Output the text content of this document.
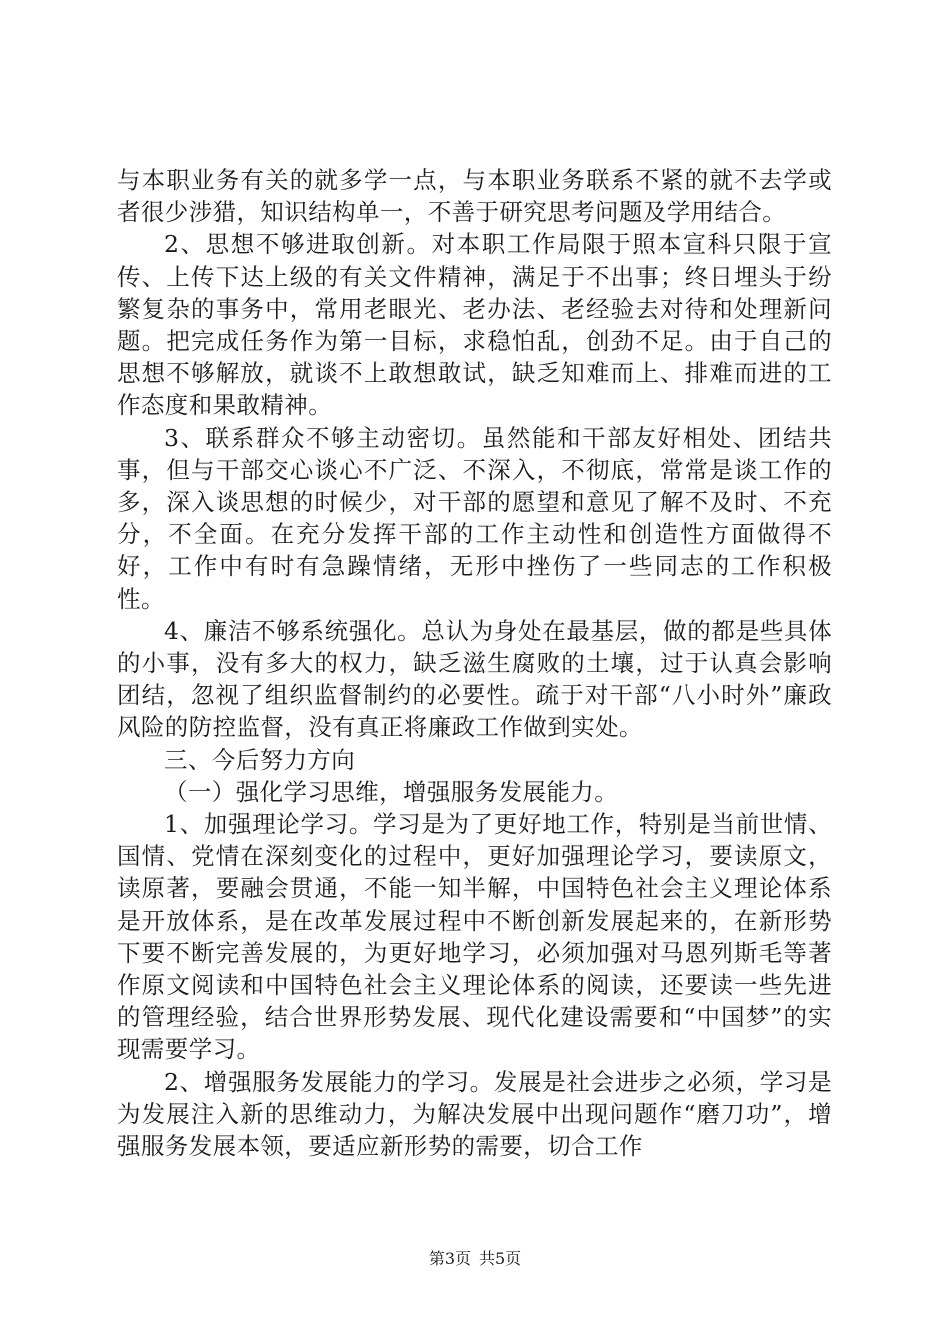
与本职业务有关的就多学一点，与本职业务联系不紧的就不去学或者很少涉猎，知识结构单一，不善于研究思考问题及学用结合。

2、思想不够进取创新。对本职工作局限于照本宣科只限于宣传、上传下达上级的有关文件精神，满足于不出事；终日埋头于纷繁复杂的事务中，常用老眼光、老办法、老经验去对待和处理新问题。把完成任务作为第一目标，求稳怕乱，创劲不足。由于自己的思想不够解放，就谈不上敢想敢试，缺乏知难而上、排难而进的工作态度和果敢精神。

3、联系群众不够主动密切。虽然能和干部友好相处、团结共事，但与干部交心谈心不广泛、不深入，不彻底，常常是谈工作的多，深入谈思想的时候少，对干部的愿望和意见了解不及时、不充分，不全面。在充分发挥干部的工作主动性和创造性方面做得不好，工作中有时有急躁情绪，无形中挫伤了一些同志的工作积极性。

4、廉洁不够系统强化。总认为身处在最基层，做的都是些具体的小事，没有多大的权力，缺乏滋生腐败的土壤，过于认真会影响团结，忽视了组织监督制约的必要性。疏于对干部“八小时外”廉政风险的防控监督，没有真正将廉政工作做到实处。

三、今后努力方向

（一）强化学习思维，增强服务发展能力。

1、加强理论学习。学习是为了更好地工作，特别是当前世情、国情、党情在深刻变化的过程中，更好加强理论学习，要读原文，读原著，要融会贯通，不能一知半解，中国特色社会主义理论体系是开放体系，是在改革发展过程中不断创新发展起来的，在新形势下要不断完善发展的，为更好地学习，必须加强对马恩列斯毛等著作原文阅读和中国特色社会主义理论体系的阅读，还要读一些先进的管理经验，结合世界形势发展、现代化建设需要和“中国梦”的实现需要学习。

2、增强服务发展能力的学习。发展是社会进步之必须，学习是为发展注入新的思维动力，为解决发展中出现问题作“磨刀功”，增强服务发展本领，要适应新形势的需要，切合工作

第3页 共5页
